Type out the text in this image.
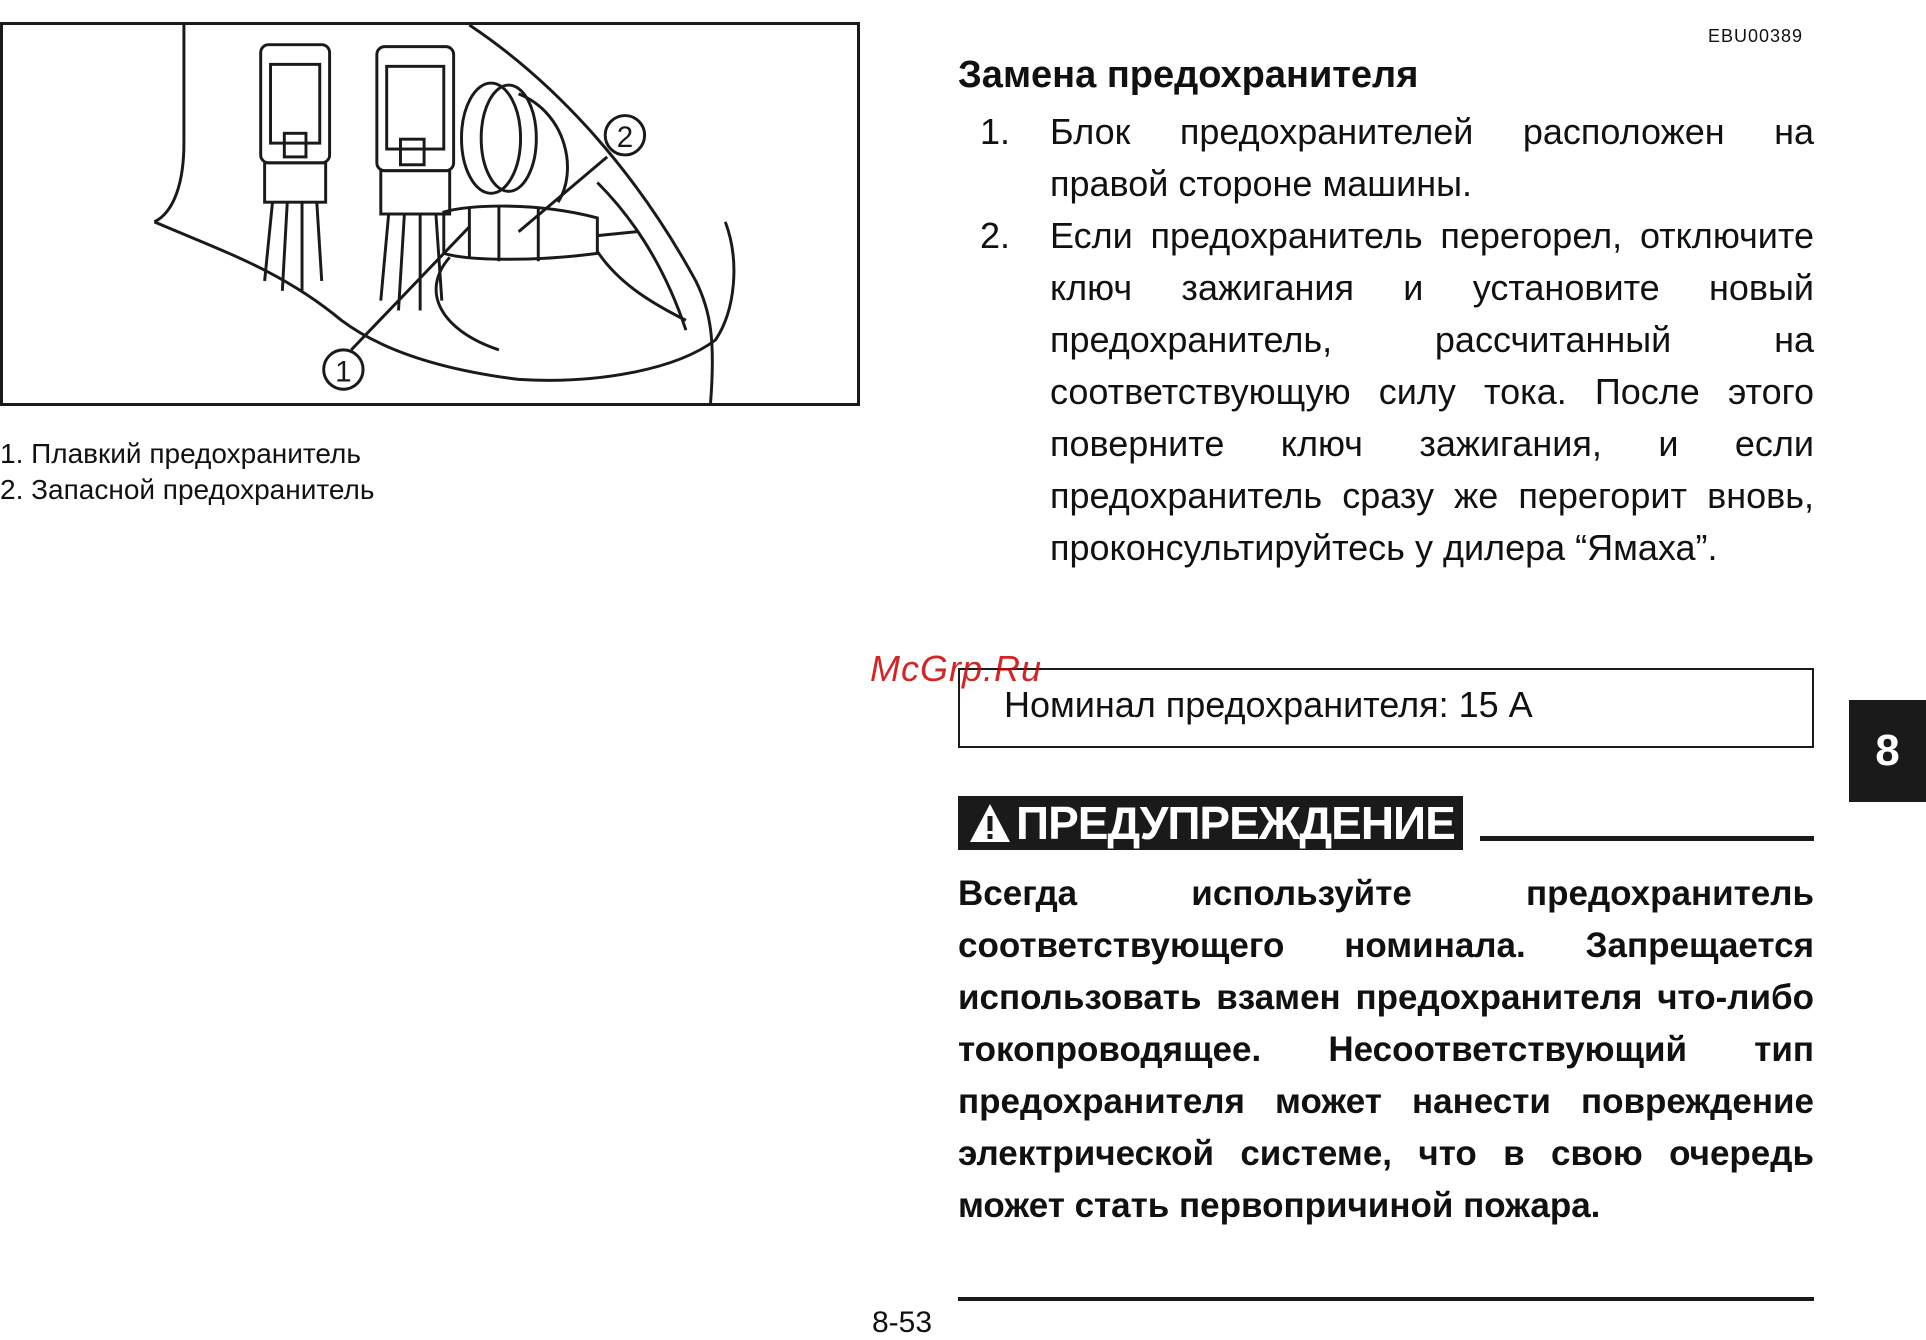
1
2
1. Плавкий предохранитель
2. Запасной предохранитель
EBU00389
Замена предохранителя
1. Блок предохранителей расположен на правой стороне машины.
2. Если предохранитель перегорел, отключите ключ зажигания и установите новый предохранитель, рассчитанный на соответствующую силу тока. После этого поверните ключ зажигания, и если предохранитель сразу же перегорит вновь, проконсультируйтесь у дилера “Ямаха”.
Номинал предохранителя: 15 А
McGrp.Ru
ПРЕДУПРЕЖДЕНИЕ
Всегда используйте предохранитель соответствующего номинала. Запрещается использовать взамен предохранителя что-либо токопроводящее. Несоответствующий тип предохранителя может нанести повреждение электрической системе, что в свою очередь может стать первопричиной пожара.
8-53
8
